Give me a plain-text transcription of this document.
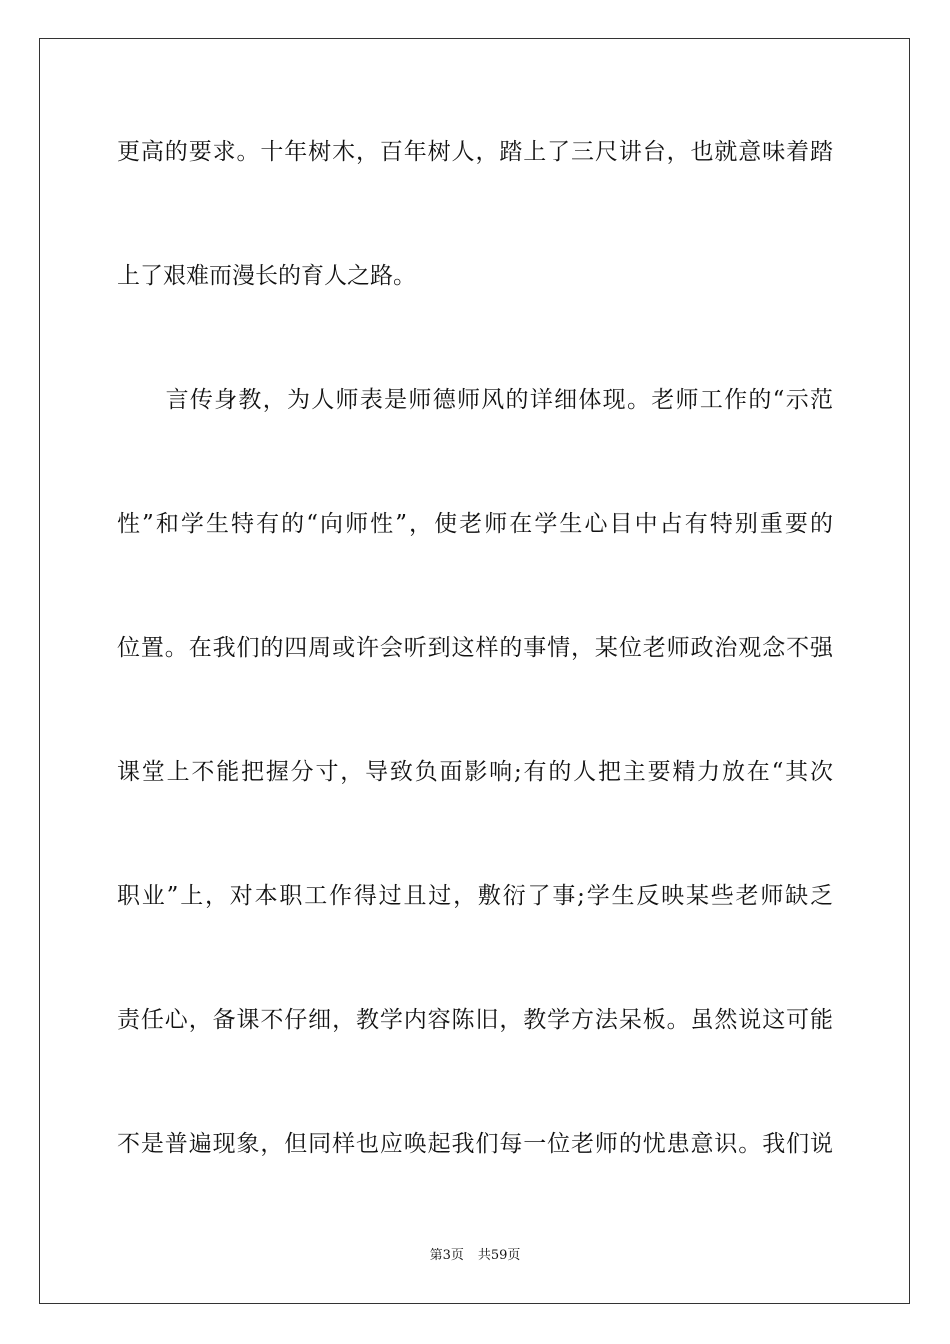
更高的要求。十年树木，百年树人，踏上了三尺讲台，也就意味着踏
上了艰难而漫长的育人之路。
　　言传身教，为人师表是师德师风的详细体现。老师工作的“示范
性”和学生特有的“向师性”，使老师在学生心目中占有特别重要的
位置。在我们的四周或许会听到这样的事情，某位老师政治观念不强
课堂上不能把握分寸，导致负面影响;有的人把主要精力放在“其次
职业”上，对本职工作得过且过，敷衍了事;学生反映某些老师缺乏
责任心，备课不仔细，教学内容陈旧，教学方法呆板。虽然说这可能
不是普遍现象，但同样也应唤起我们每一位老师的忧患意识。我们说
第3页 共59页
